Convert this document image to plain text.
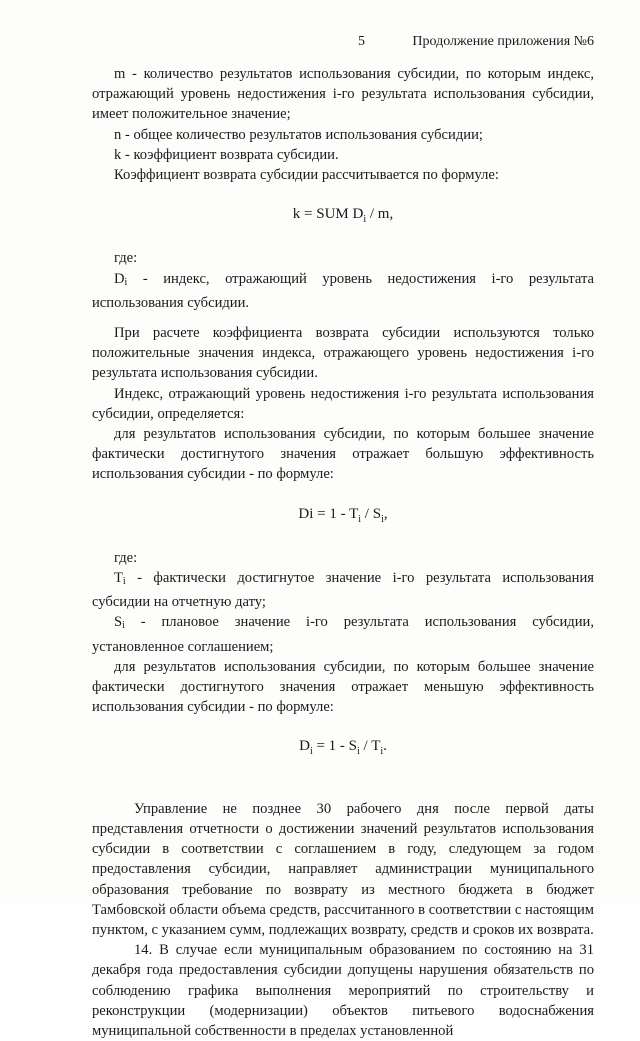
5	Продолжение приложения №6

m - количество результатов использования субсидии, по которым индекс, отражающий уровень недостижения i-го результата использования субсидии, имеет положительное значение;

n - общее количество результатов использования субсидии;

k - коэффициент возврата субсидии.

Коэффициент возврата субсидии рассчитывается по формуле:

k = SUM $D_i$ / m,

где:

$D_i$ - индекс, отражающий уровень недостижения i-го результата использования субсидии.

При расчете коэффициента возврата субсидии используются только положительные значения индекса, отражающего уровень недостижения i-го результата использования субсидии.

Индекс, отражающий уровень недостижения i-го результата использования субсидии, определяется:

для результатов использования субсидии, по которым большее значение фактически достигнутого значения отражает большую эффективность использования субсидии - по формуле:

$Di = 1 - T_i / S_i$,

где:

$T_i$ - фактически достигнутое значение i-го результата использования субсидии на отчетную дату;

$S_i$ - плановое значение i-го результата использования субсидии, установленное соглашением;

для результатов использования субсидии, по которым большее значение фактически достигнутого значения отражает меньшую эффективность использования субсидии - по формуле:

$D_i = 1 - S_i / T_i$.

Управление не позднее 30 рабочего дня после первой даты представления отчетности о достижении значений результатов использования субсидии в соответствии с соглашением в году, следующем за годом предоставления субсидии, направляет администрации муниципального образования требование по возврату из местного бюджета в бюджет Тамбовской области объема средств, рассчитанного в соответствии с настоящим пунктом, с указанием сумм, подлежащих возврату, средств и сроков их возврата.

14. В случае если муниципальным образованием по состоянию на 31 декабря года предоставления субсидии допущены нарушения обязательств по соблюдению графика выполнения мероприятий по строительству и реконструкции (модернизации) объектов питьевого водоснабжения муниципальной собственности в пределах установленной
